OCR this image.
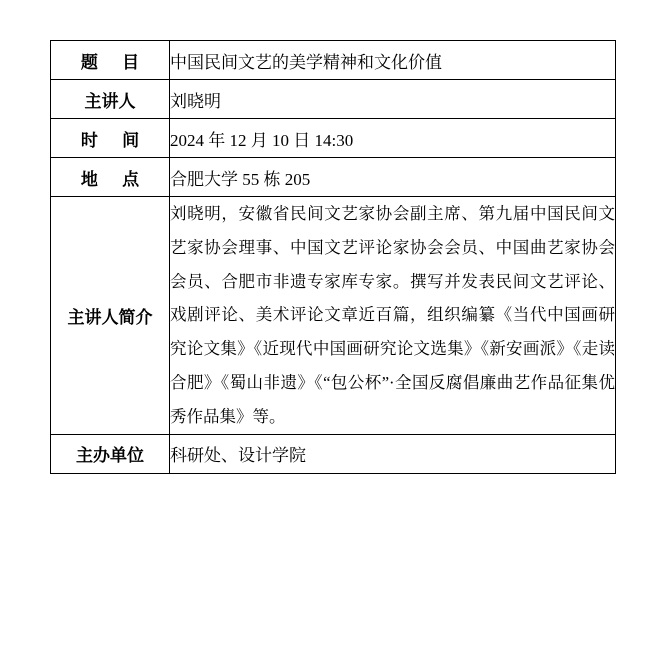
题 目	中国民间文艺的美学精神和文化价值
主讲人	刘晓明
时 间	2024 年 12 月 10 日 14:30
地 点	合肥大学 55 栋 205
主讲人简介	刘晓明，安徽省民间文艺家协会副主席、第九届中国民间文艺家协会理事、中国文艺评论家协会会员、中国曲艺家协会会员、合肥市非遗专家库专家。撰写并发表民间文艺评论、戏剧评论、美术评论文章近百篇，组织编纂《当代中国画研究论文集》《近现代中国画研究论文选集》《新安画派》《走读合肥》《蜀山非遗》《“包公杯”·全国反腐倡廉曲艺作品征集优秀作品集》等。

主办单位	科研处、设计学院
